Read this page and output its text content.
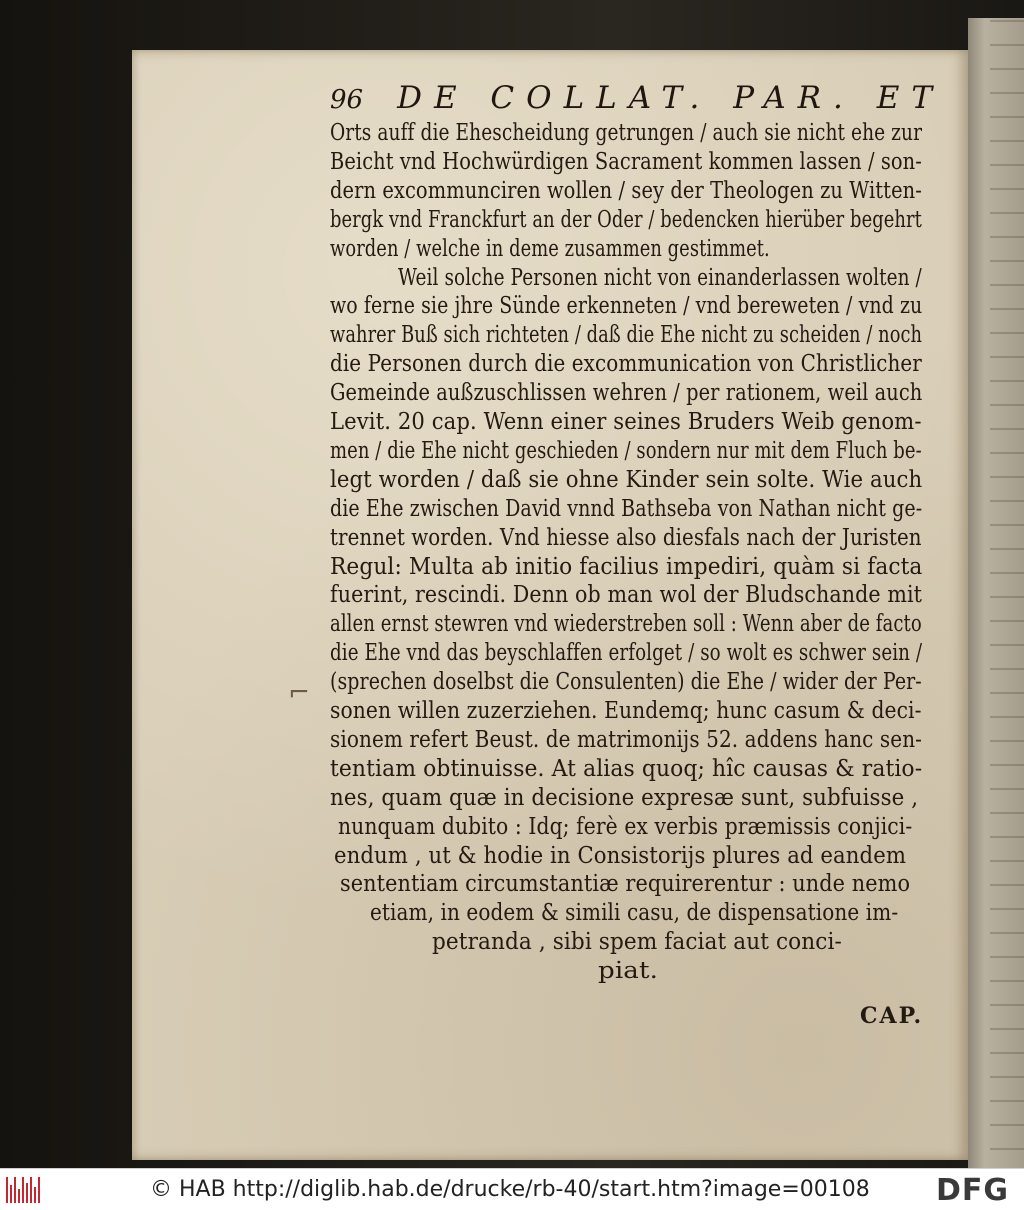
96 DE COLLAT. PAR. ET
Orts auff die Ehescheidung getrungen / auch sie nicht ehe zur
Beicht vnd Hochwürdigen Sacrament kommen lassen / son-
dern excommunciren wollen / sey der Theologen zu Witten-
bergk vnd Franckfurt an der Oder / bedencken hierüber begehrt
worden / welche in deme zusammen gestimmet.
Weil solche Personen nicht von einanderlassen wolten /
wo ferne sie jhre Sünde erkenneten / vnd bereweten / vnd zu
wahrer Buß sich richteten / daß die Ehe nicht zu scheiden / noch
die Personen durch die excommunication von Christlicher
Gemeinde außzuschlissen wehren / per rationem, weil auch
Levit. 20 cap. Wenn einer seines Bruders Weib genom-
men / die Ehe nicht geschieden / sondern nur mit dem Fluch be-
legt worden / daß sie ohne Kinder sein solte. Wie auch
die Ehe zwischen David vnnd Bathseba von Nathan nicht ge-
trennet worden. Vnd hiesse also diesfals nach der Juristen
Regul: Multa ab initio facilius impediri, quàm si facta
fuerint, rescindi. Denn ob man wol der Bludschande mit
allen ernst stewren vnd wiederstreben soll : Wenn aber de facto
die Ehe vnd das beyschlaffen erfolget / so wolt es schwer sein /
(sprechen doselbst die Consulenten) die Ehe / wider der Per-
sonen willen zuzerziehen. Eundemq; hunc casum & deci-
sionem refert Beust. de matrimonijs 52. addens hanc sen-
tentiam obtinuisse. At alias quoq; hîc causas & ratio-
nes, quam quæ in decisione expresæ sunt, subfuisse ,
nunquam dubito : Idq; ferè ex verbis præmissis conjici-
endum , ut & hodie in Consistorijs plures ad eandem
sententiam circumstantiæ requirerentur : unde nemo
etiam, in eodem & simili casu, de dispensatione im-
petranda , sibi spem faciat aut conci-
piat.
⌐
CAP.
© HAB http://diglib.hab.de/drucke/rb-40/start.htm?image=00108 DFG
